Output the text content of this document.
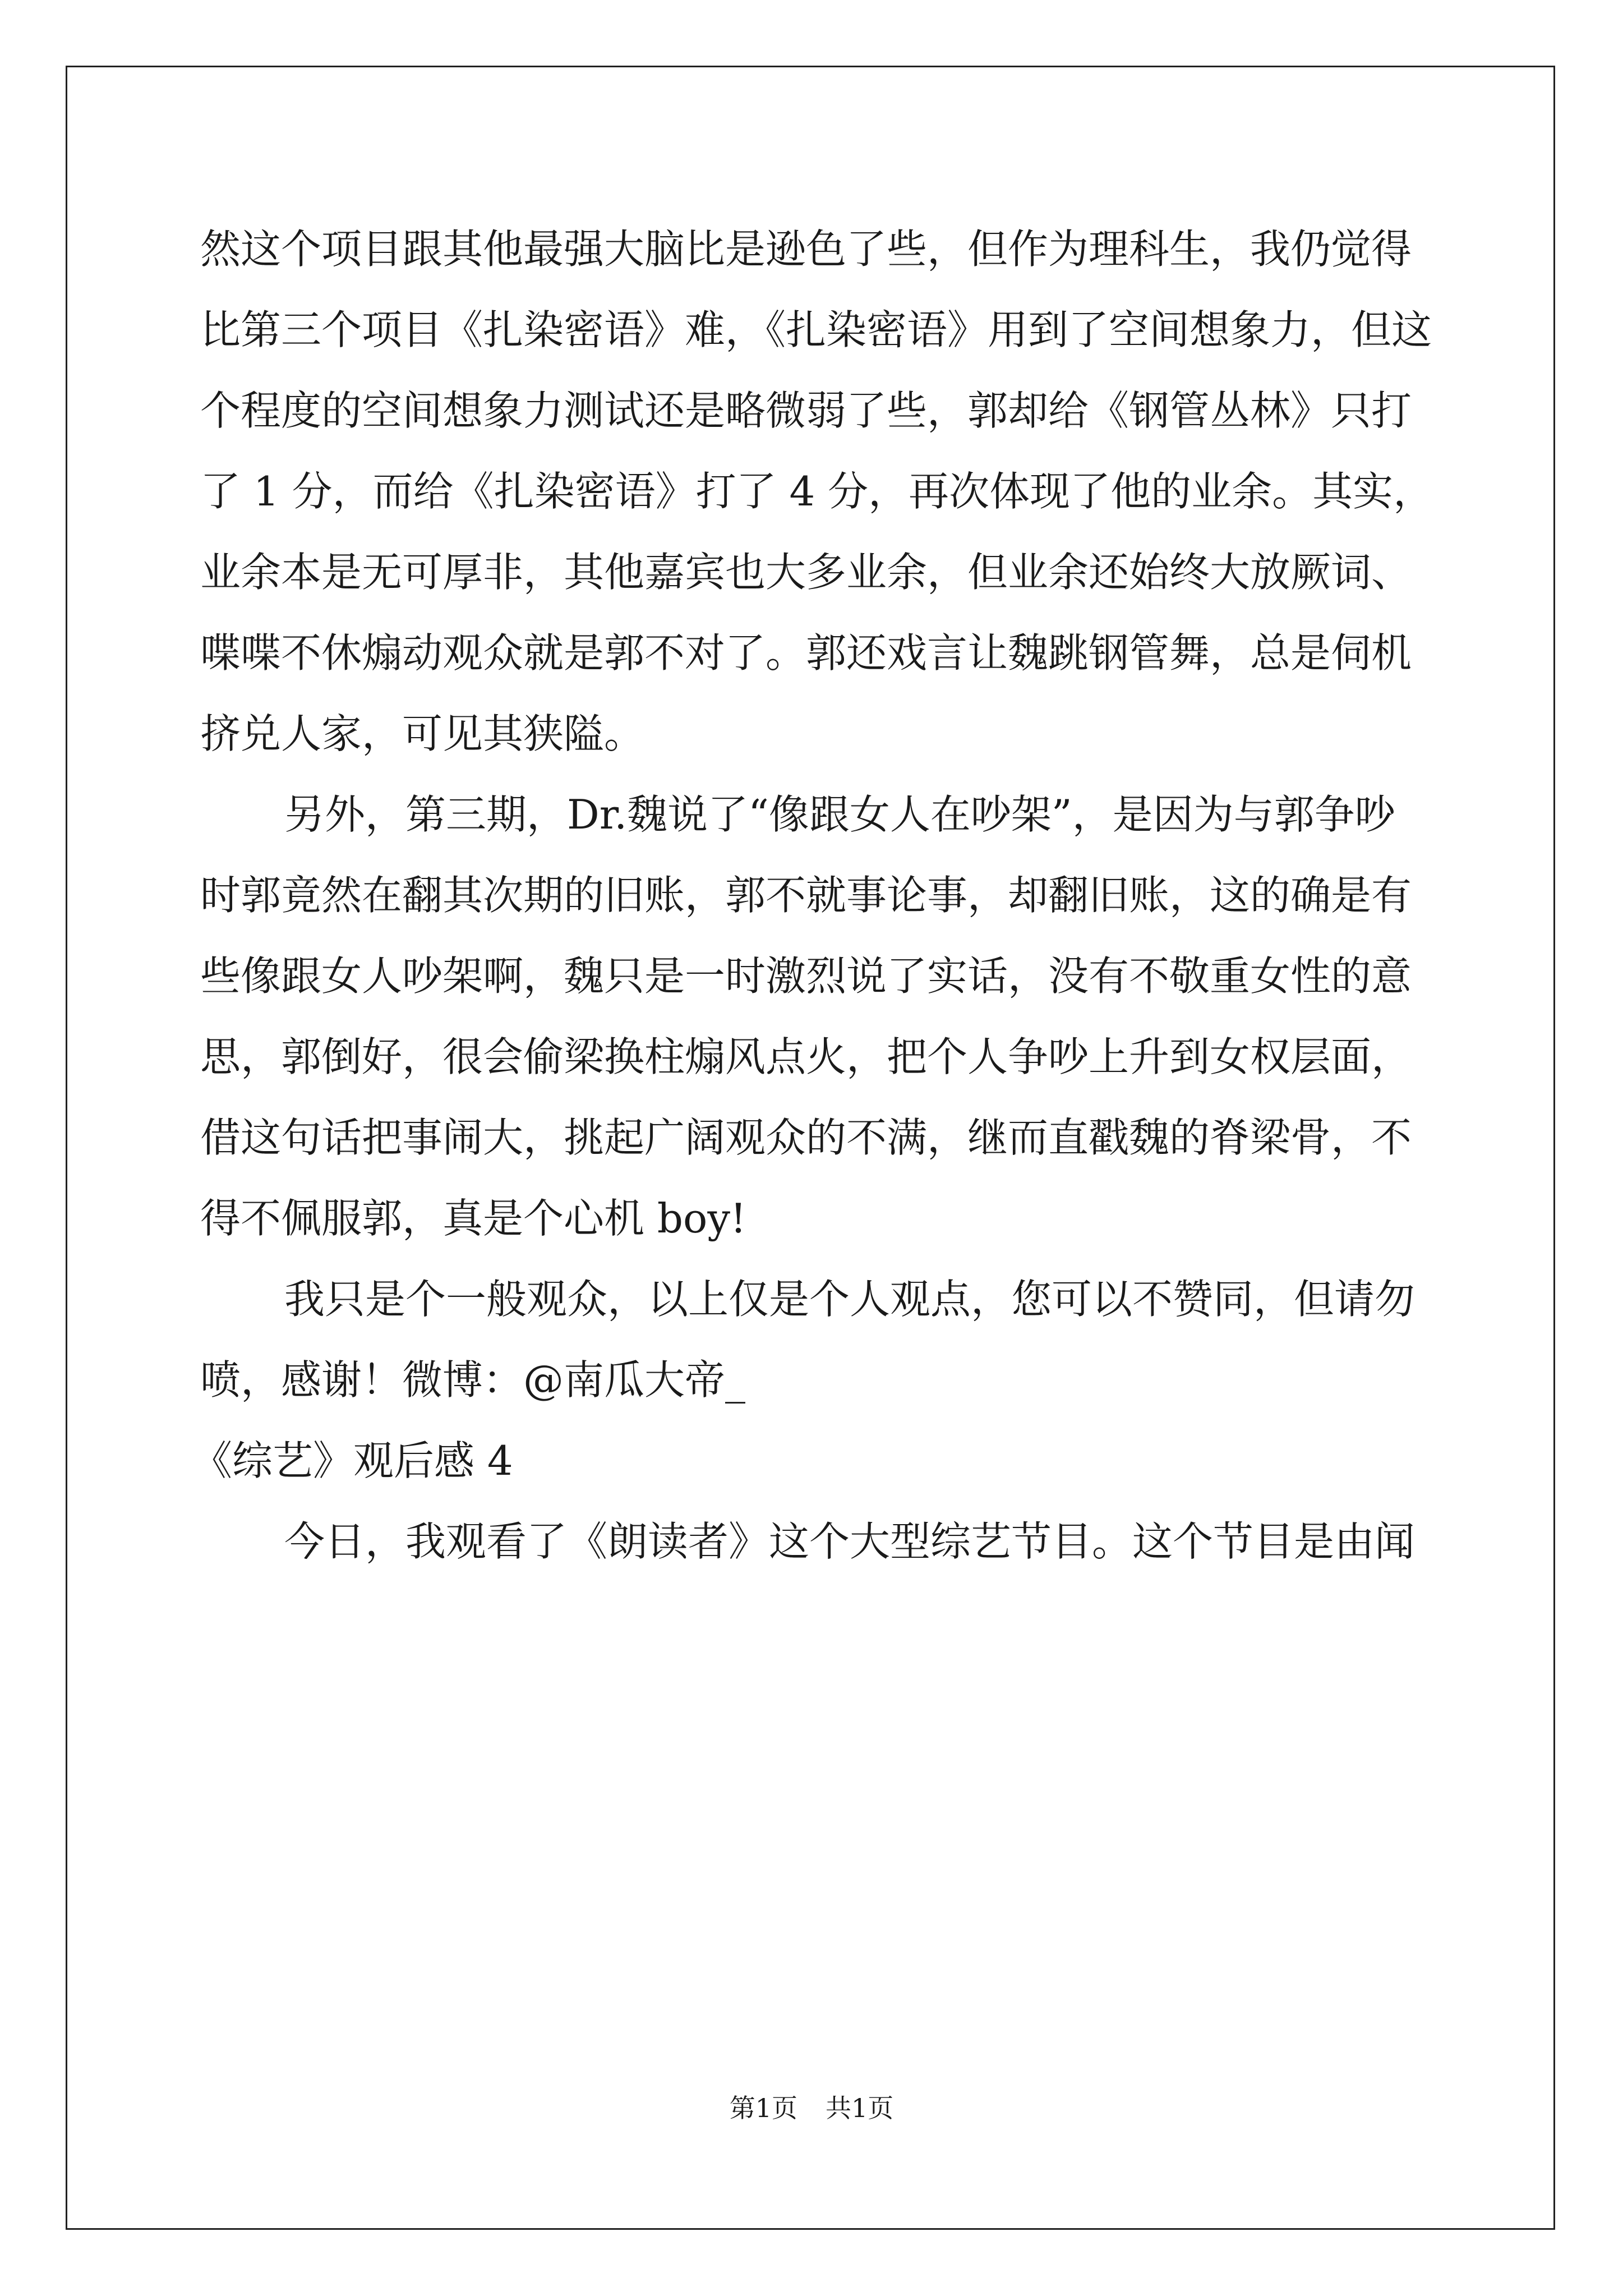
然这个项目跟其他最强大脑比是逊色了些，但作为理科生，我仍觉得
比第三个项目《扎染密语》难，《扎染密语》用到了空间想象力，但这
个程度的空间想象力测试还是略微弱了些，郭却给《钢管丛林》只打
了 1 分，而给《扎染密语》打了 4 分，再次体现了他的业余。其实，
业余本是无可厚非，其他嘉宾也大多业余，但业余还始终大放厥词、
喋喋不休煽动观众就是郭不对了。郭还戏言让魏跳钢管舞，总是伺机
挤兑人家，可见其狭隘。
另外，第三期，Dr.魏说了“像跟女人在吵架”，是因为与郭争吵
时郭竟然在翻其次期的旧账，郭不就事论事，却翻旧账，这的确是有
些像跟女人吵架啊，魏只是一时激烈说了实话，没有不敬重女性的意
思，郭倒好，很会偷梁换柱煽风点火，把个人争吵上升到女权层面，
借这句话把事闹大，挑起广阔观众的不满，继而直戳魏的脊梁骨，不
得不佩服郭，真是个心机 boy!
我只是个一般观众，以上仅是个人观点，您可以不赞同，但请勿
喷，感谢！微博：@南瓜大帝_
《综艺》观后感 4
今日，我观看了《朗读者》这个大型综艺节目。这个节目是由闻
第1页 共1页
